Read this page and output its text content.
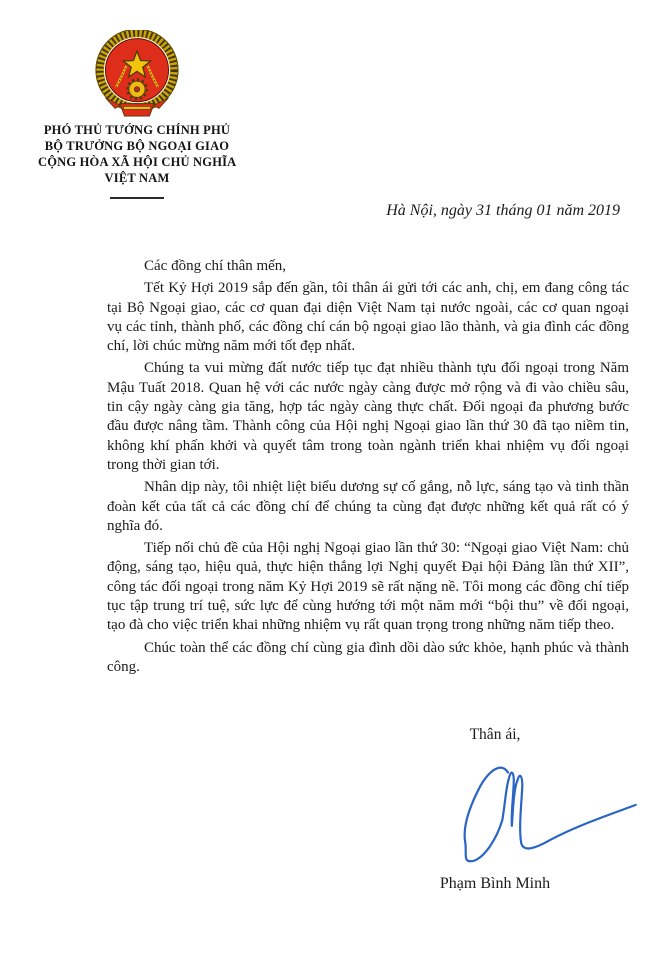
PHÓ THỦ TƯỚNG CHÍNH PHỦ
BỘ TRƯỞNG BỘ NGOẠI GIAO
CỘNG HÒA XÃ HỘI CHỦ NGHĨA
VIỆT NAM
Hà Nội, ngày 31 tháng 01 năm 2019

Các đồng chí thân mến,

Tết Kỷ Hợi 2019 sắp đến gần, tôi thân ái gửi tới các anh, chị, em đang công tác tại Bộ Ngoại giao, các cơ quan đại diện Việt Nam tại nước ngoài, các cơ quan ngoại vụ các tỉnh, thành phố, các đồng chí cán bộ ngoại giao lão thành, và gia đình các đồng chí, lời chúc mừng năm mới tốt đẹp nhất.

Chúng ta vui mừng đất nước tiếp tục đạt nhiều thành tựu đối ngoại trong Năm Mậu Tuất 2018. Quan hệ với các nước ngày càng được mở rộng và đi vào chiều sâu, tin cậy ngày càng gia tăng, hợp tác ngày càng thực chất. Đối ngoại đa phương bước đầu được nâng tầm. Thành công của Hội nghị Ngoại giao lần thứ 30 đã tạo niềm tin, không khí phấn khởi và quyết tâm trong toàn ngành triển khai nhiệm vụ đối ngoại trong thời gian tới.

Nhân dịp này, tôi nhiệt liệt biểu dương sự cố gắng, nỗ lực, sáng tạo và tinh thần đoàn kết của tất cả các đồng chí để chúng ta cùng đạt được những kết quả rất có ý nghĩa đó.

Tiếp nối chủ đề của Hội nghị Ngoại giao lần thứ 30: “Ngoại giao Việt Nam: chủ động, sáng tạo, hiệu quả, thực hiện thắng lợi Nghị quyết Đại hội Đảng lần thứ XII”, công tác đối ngoại trong năm Kỷ Hợi 2019 sẽ rất nặng nề. Tôi mong các đồng chí tiếp tục tập trung trí tuệ, sức lực để cùng hướng tới một năm mới “bội thu” về đối ngoại, tạo đà cho việc triển khai những nhiệm vụ rất quan trọng trong những năm tiếp theo.

Chúc toàn thể các đồng chí cùng gia đình dồi dào sức khỏe, hạnh phúc và thành công.

Thân ái,
Phạm Bình Minh
